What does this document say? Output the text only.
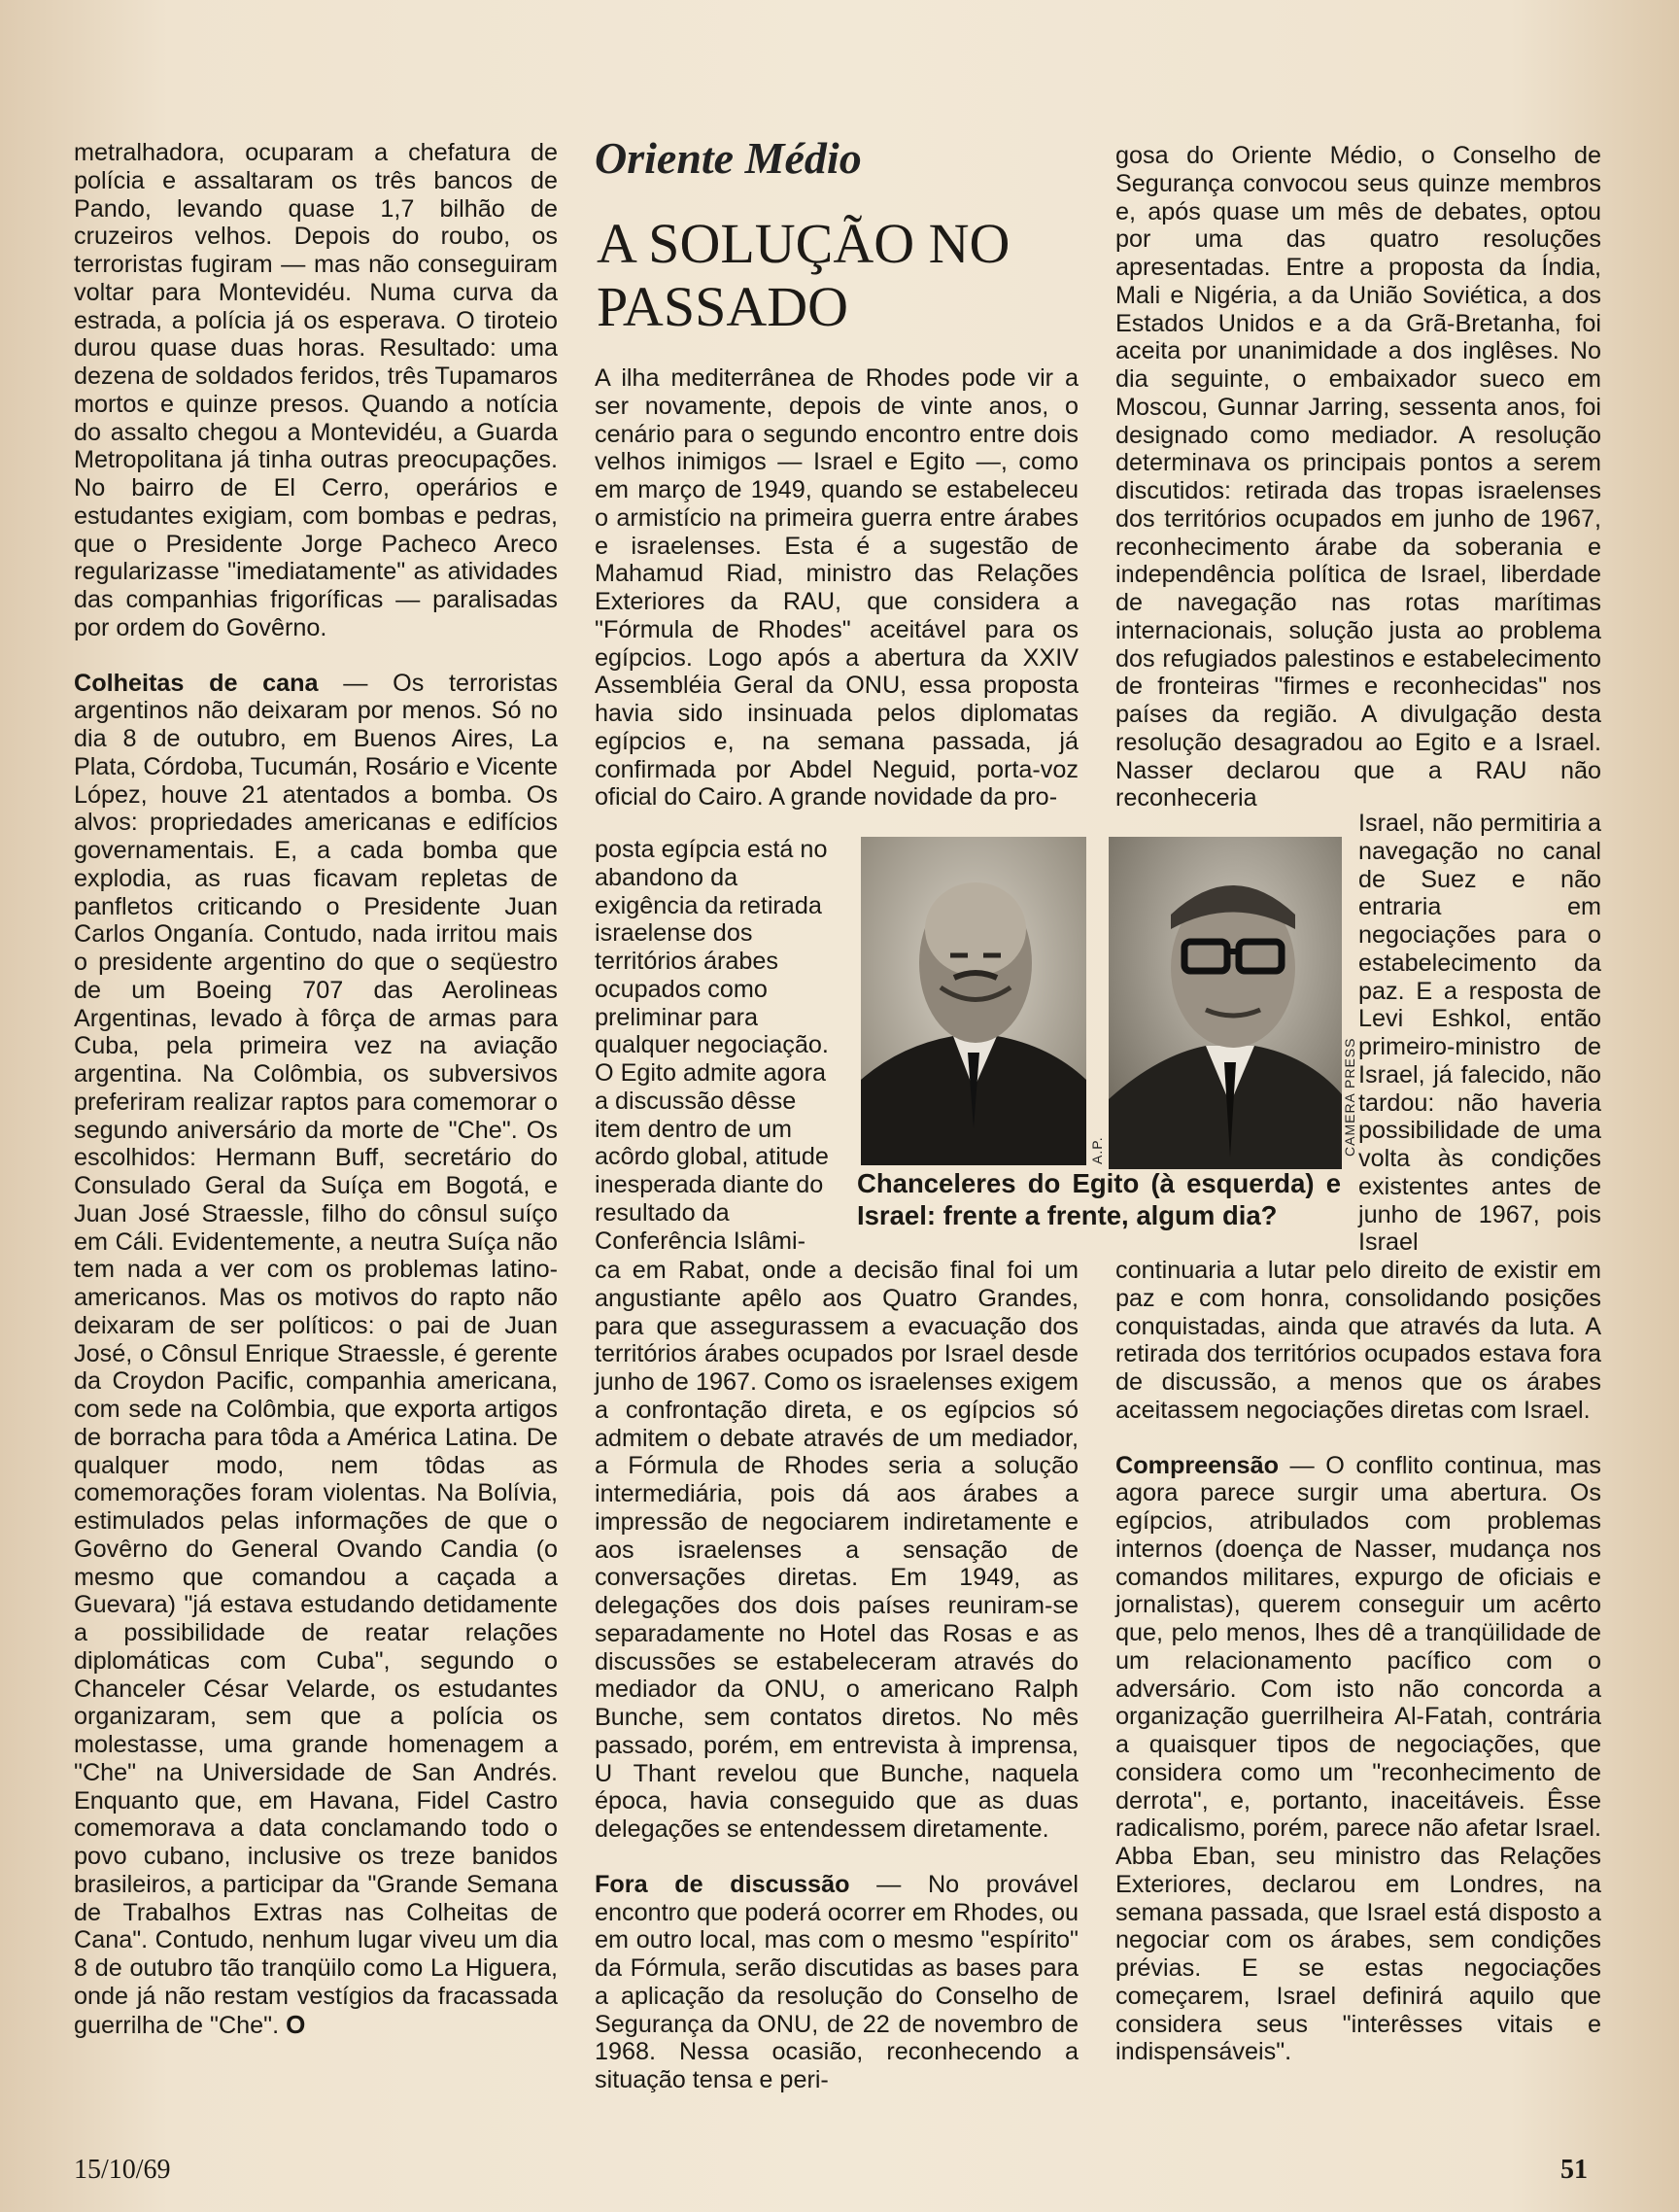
metralhadora, ocuparam a chefatura de polícia e assaltaram os três bancos de Pando, levando quase 1,7 bilhão de cruzeiros velhos. Depois do roubo, os terroristas fugiram — mas não conseguiram voltar para Montevidéu. Numa curva da estrada, a polícia já os esperava. O tiroteio durou quase duas horas. Resultado: uma dezena de soldados feridos, três Tupamaros mortos e quinze presos. Quando a notícia do assalto chegou a Montevidéu, a Guarda Metropolitana já tinha outras preocupações. No bairro de El Cerro, operários e estudantes exigiam, com bombas e pedras, que o Presidente Jorge Pacheco Areco regularizasse "imediatamente" as atividades das companhias frigoríficas — paralisadas por ordem do Govêrno.

Colheitas de cana — Os terroristas argentinos não deixaram por menos. Só no dia 8 de outubro, em Buenos Aires, La Plata, Córdoba, Tucumán, Rosário e Vicente López, houve 21 atentados a bomba. Os alvos: propriedades americanas e edifícios governamentais. E, a cada bomba que explodia, as ruas ficavam repletas de panfletos criticando o Presidente Juan Carlos Onganía. Contudo, nada irritou mais o presidente argentino do que o seqüestro de um Boeing 707 das Aerolineas Argentinas, levado à fôrça de armas para Cuba, pela primeira vez na aviação argentina. Na Colômbia, os subversivos preferiram realizar raptos para comemorar o segundo aniversário da morte de "Che". Os escolhidos: Hermann Buff, secretário do Consulado Geral da Suíça em Bogotá, e Juan José Straessle, filho do cônsul suíço em Cáli. Evidentemente, a neutra Suíça não tem nada a ver com os problemas latino-americanos. Mas os motivos do rapto não deixaram de ser políticos: o pai de Juan José, o Cônsul Enrique Straessle, é gerente da Croydon Pacific, companhia americana, com sede na Colômbia, que exporta artigos de borracha para tôda a América Latina. De qualquer modo, nem tôdas as comemorações foram violentas. Na Bolívia, estimulados pelas informações de que o Govêrno do General Ovando Candia (o mesmo que comandou a caçada a Guevara) "já estava estudando detidamente a possibilidade de reatar relações diplomáticas com Cuba", segundo o Chanceler César Velarde, os estudantes organizaram, sem que a polícia os molestasse, uma grande homenagem a "Che" na Universidade de San Andrés. Enquanto que, em Havana, Fidel Castro comemorava a data conclamando todo o povo cubano, inclusive os treze banidos brasileiros, a participar da "Grande Semana de Trabalhos Extras nas Colheitas de Cana". Contudo, nenhum lugar viveu um dia 8 de outubro tão tranqüilo como La Higuera, onde já não restam vestígios da fracassada guerrilha de "Che". O

Oriente Médio
A SOLUÇÃO NO PASSADO

A ilha mediterrânea de Rhodes pode vir a ser novamente, depois de vinte anos, o cenário para o segundo encontro entre dois velhos inimigos — Israel e Egito —, como em março de 1949, quando se estabeleceu o armistício na primeira guerra entre árabes e israelenses. Esta é a sugestão de Mahamud Riad, ministro das Relações Exteriores da RAU, que considera a "Fórmula de Rhodes" aceitável para os egípcios. Logo após a abertura da XXIV Assembléia Geral da ONU, essa proposta havia sido insinuada pelos diplomatas egípcios e, na semana passada, já confirmada por Abdel Neguid, porta-voz oficial do Cairo. A grande novidade da pro-

posta egípcia está no abandono da exigência da retirada israelense dos territórios árabes ocupados como preliminar para qualquer negociação. O Egito admite agora a discussão dêsse item dentro de um acôrdo global, atitude inesperada diante do resultado da Conferência Islâmi-

A.P.	CAMERA PRESS
Chanceleres do Egito (à esquerda) e Israel: frente a frente, algum dia?

ca em Rabat, onde a decisão final foi um angustiante apêlo aos Quatro Grandes, para que assegurassem a evacuação dos territórios árabes ocupados por Israel desde junho de 1967. Como os israelenses exigem a confrontação direta, e os egípcios só admitem o debate através de um mediador, a Fórmula de Rhodes seria a solução intermediária, pois dá aos árabes a impressão de negociarem indiretamente e aos israelenses a sensação de conversações diretas. Em 1949, as delegações dos dois países reuniram-se separadamente no Hotel das Rosas e as discussões se estabeleceram através do mediador da ONU, o americano Ralph Bunche, sem contatos diretos. No mês passado, porém, em entrevista à imprensa, U Thant revelou que Bunche, naquela época, havia conseguido que as duas delegações se entendessem diretamente.

Fora de discussão — No provável encontro que poderá ocorrer em Rhodes, ou em outro local, mas com o mesmo "espírito" da Fórmula, serão discutidas as bases para a aplicação da resolução do Conselho de Segurança da ONU, de 22 de novembro de 1968. Nessa ocasião, reconhecendo a situação tensa e peri-

gosa do Oriente Médio, o Conselho de Segurança convocou seus quinze membros e, após quase um mês de debates, optou por uma das quatro resoluções apresentadas. Entre a proposta da Índia, Mali e Nigéria, a da União Soviética, a dos Estados Unidos e a da Grã-Bretanha, foi aceita por unanimidade a dos inglêses. No dia seguinte, o embaixador sueco em Moscou, Gunnar Jarring, sessenta anos, foi designado como mediador. A resolução determinava os principais pontos a serem discutidos: retirada das tropas israelenses dos territórios ocupados em junho de 1967, reconhecimento árabe da soberania e independência política de Israel, liberdade de navegação nas rotas marítimas internacionais, solução justa ao problema dos refugiados palestinos e estabelecimento de fronteiras "firmes e reconhecidas" nos países da região. A divulgação desta resolução desagradou ao Egito e a Israel. Nasser declarou que a RAU não reconheceria

Israel, não permitiria a navegação no canal de Suez e não entraria em negociações para o estabelecimento da paz. E a resposta de Levi Eshkol, então primeiro-ministro de Israel, já falecido, não tardou: não haveria possibilidade de uma volta às condições existentes antes de junho de 1967, pois Israel

continuaria a lutar pelo direito de existir em paz e com honra, consolidando posições conquistadas, ainda que através da luta. A retirada dos territórios ocupados estava fora de discussão, a menos que os árabes aceitassem negociações diretas com Israel.

Compreensão — O conflito continua, mas agora parece surgir uma abertura. Os egípcios, atribulados com problemas internos (doença de Nasser, mudança nos comandos militares, expurgo de oficiais e jornalistas), querem conseguir um acêrto que, pelo menos, lhes dê a tranqüilidade de um relacionamento pacífico com o adversário. Com isto não concorda a organização guerrilheira Al-Fatah, contrária a quaisquer tipos de negociações, que considera como um "reconhecimento de derrota", e, portanto, inaceitáveis. Êsse radicalismo, porém, parece não afetar Israel. Abba Eban, seu ministro das Relações Exteriores, declarou em Londres, na semana passada, que Israel está disposto a negociar com os árabes, sem condições prévias. E se estas negociações começarem, Israel definirá aquilo que considera seus "interêsses vitais e indispensáveis".

15/10/69	51
